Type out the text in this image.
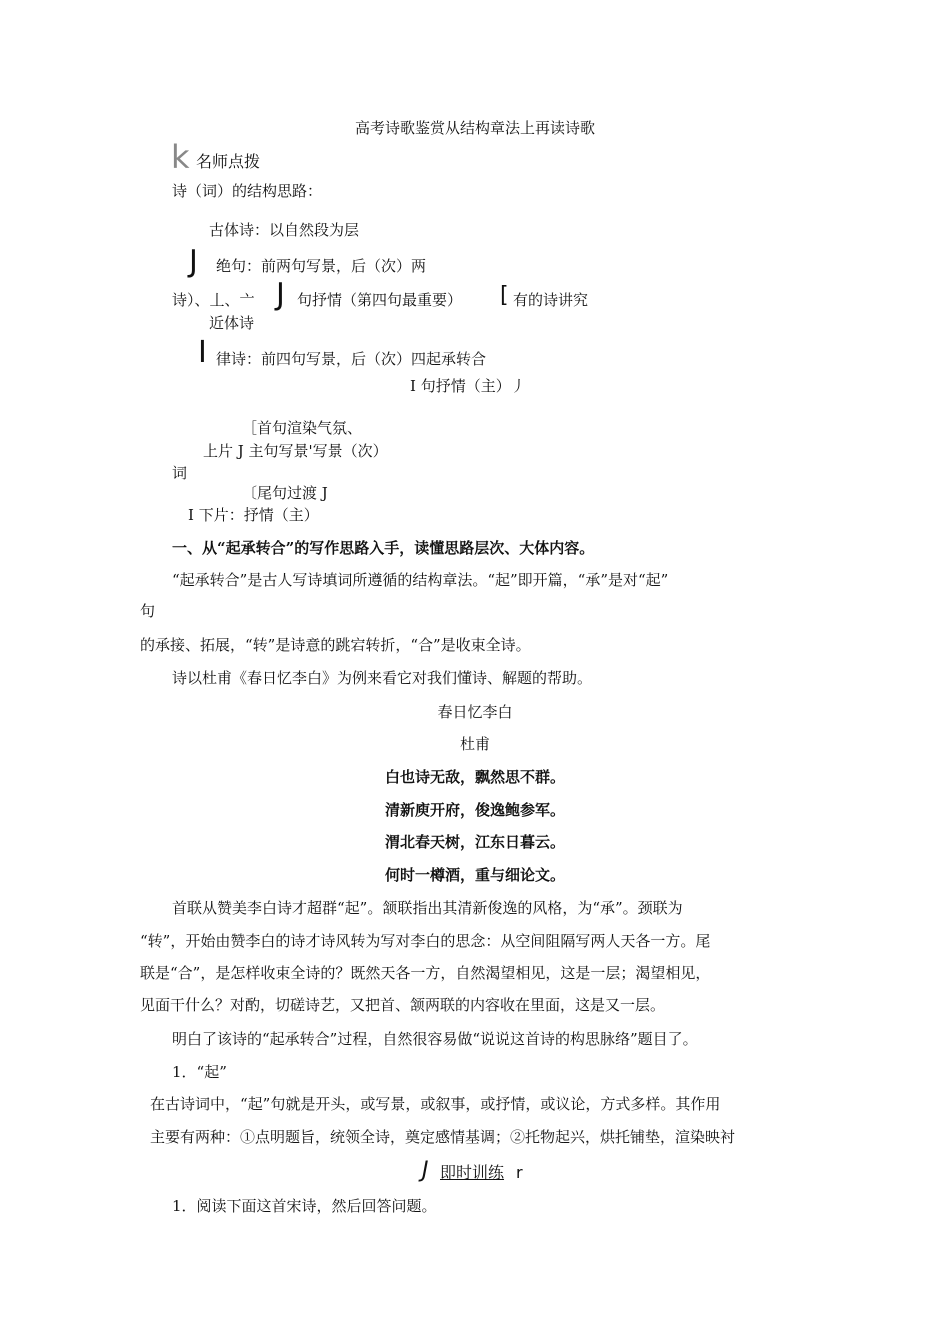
高考诗歌鉴赏从结构章法上再读诗歌
k 名师点拨
诗（词）的结构思路：
古体诗：以自然段为层
J 绝句：前两句写景，后（次）两
诗）、丄、亠 J 句抒情（第四句最重要） [ 有的诗讲究
近体诗
I 律诗：前四句写景，后（次）四起承转合
I 句抒情（主）丿
［首句渲染气氛、
上片 J 主句写景'写景（次）
词
〔尾句过渡 J
I 下片：抒情（主）
一、从“起承转合”的写作思路入手，读懂思路层次、大体内容。
“起承转合”是古人写诗填词所遵循的结构章法。“起”即开篇，“承”是对“起”
句
的承接、拓展，“转”是诗意的跳宕转折，“合”是收束全诗。
诗以杜甫《春日忆李白》为例来看它对我们懂诗、解题的帮助。
春日忆李白
杜甫
白也诗无敌，飘然思不群。
清新庾开府，俊逸鲍参军。
渭北春天树，江东日暮云。
何时一樽酒，重与细论文。
首联从赞美李白诗才超群“起”。颔联指出其清新俊逸的风格，为“承”。颈联为
“转”，开始由赞李白的诗才诗风转为写对李白的思念：从空间阻隔写两人天各一方。尾
联是“合”，是怎样收束全诗的？既然天各一方，自然渴望相见，这是一层；渴望相见，
见面干什么？对酌，切磋诗艺，又把首、颔两联的内容收在里面，这是又一层。
明白了该诗的“起承转合”过程，自然很容易做“说说这首诗的构思脉络”题目了。
1．“起”
在古诗词中，“起”句就是开头，或写景，或叙事，或抒情，或议论，方式多样。其作用
主要有两种：①点明题旨，统领全诗，奠定感情基调；②托物起兴，烘托铺垫，渲染映衬
J 即时训练 r
1．阅读下面这首宋诗，然后回答问题。
